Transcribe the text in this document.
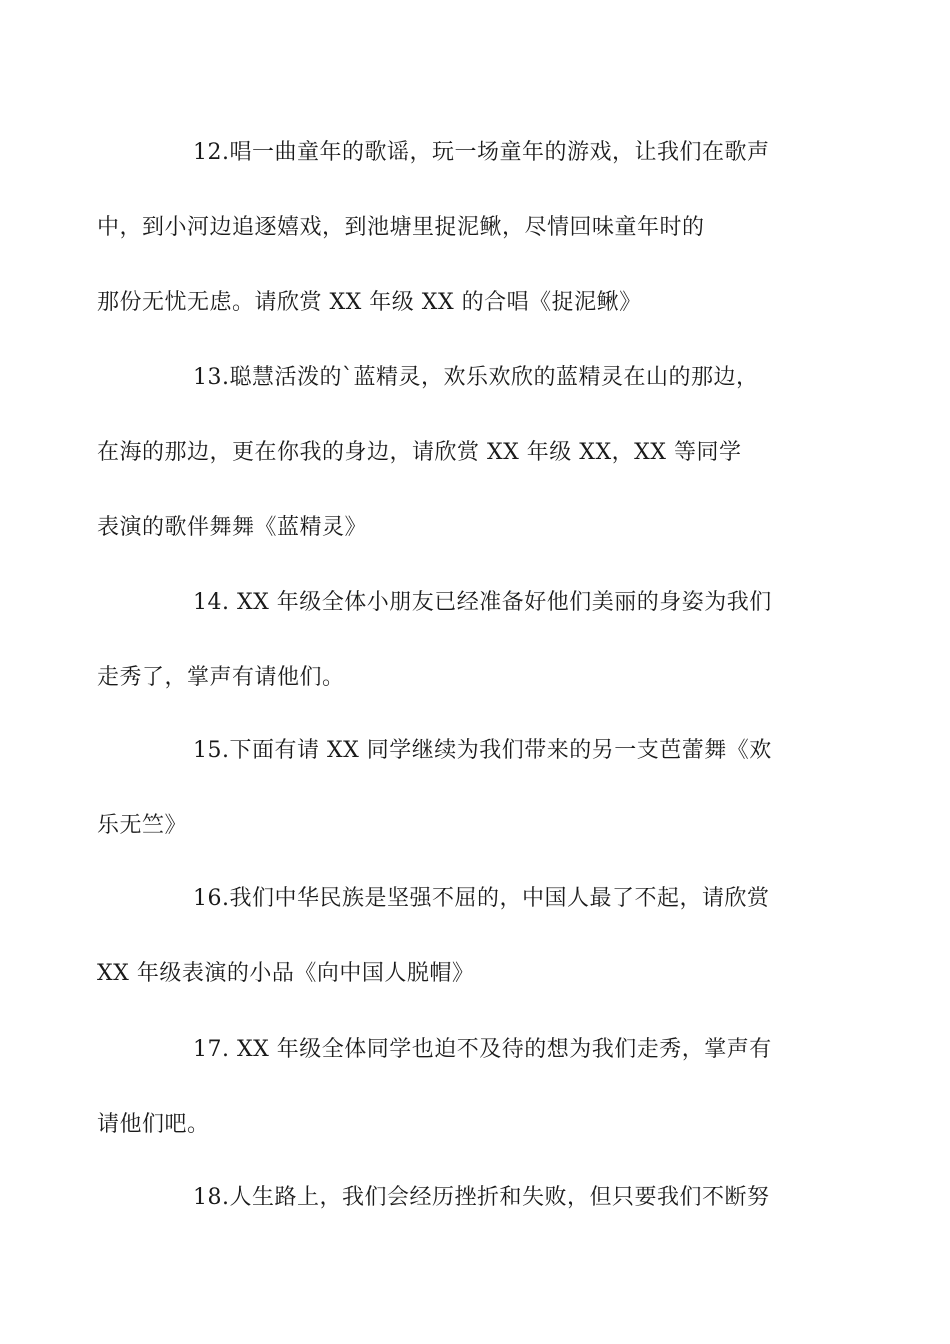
12.唱一曲童年的歌谣，玩一场童年的游戏，让我们在歌声
中，到小河边追逐嬉戏，到池塘里捉泥鳅，尽情回味童年时的
那份无忧无虑。请欣赏 XX 年级 XX 的合唱《捉泥鳅》

13.聪慧活泼的`蓝精灵，欢乐欢欣的蓝精灵在山的那边，
在海的那边，更在你我的身边，请欣赏 XX 年级 XX，XX 等同学
表演的歌伴舞舞《蓝精灵》

14. XX 年级全体小朋友已经准备好他们美丽的身姿为我们
走秀了，掌声有请他们。

15.下面有请 XX 同学继续为我们带来的另一支芭蕾舞《欢
乐无竺》

16.我们中华民族是坚强不屈的，中国人最了不起，请欣赏
XX 年级表演的小品《向中国人脱帽》

17. XX 年级全体同学也迫不及待的想为我们走秀，掌声有
请他们吧。

18.人生路上，我们会经历挫折和失败，但只要我们不断努
